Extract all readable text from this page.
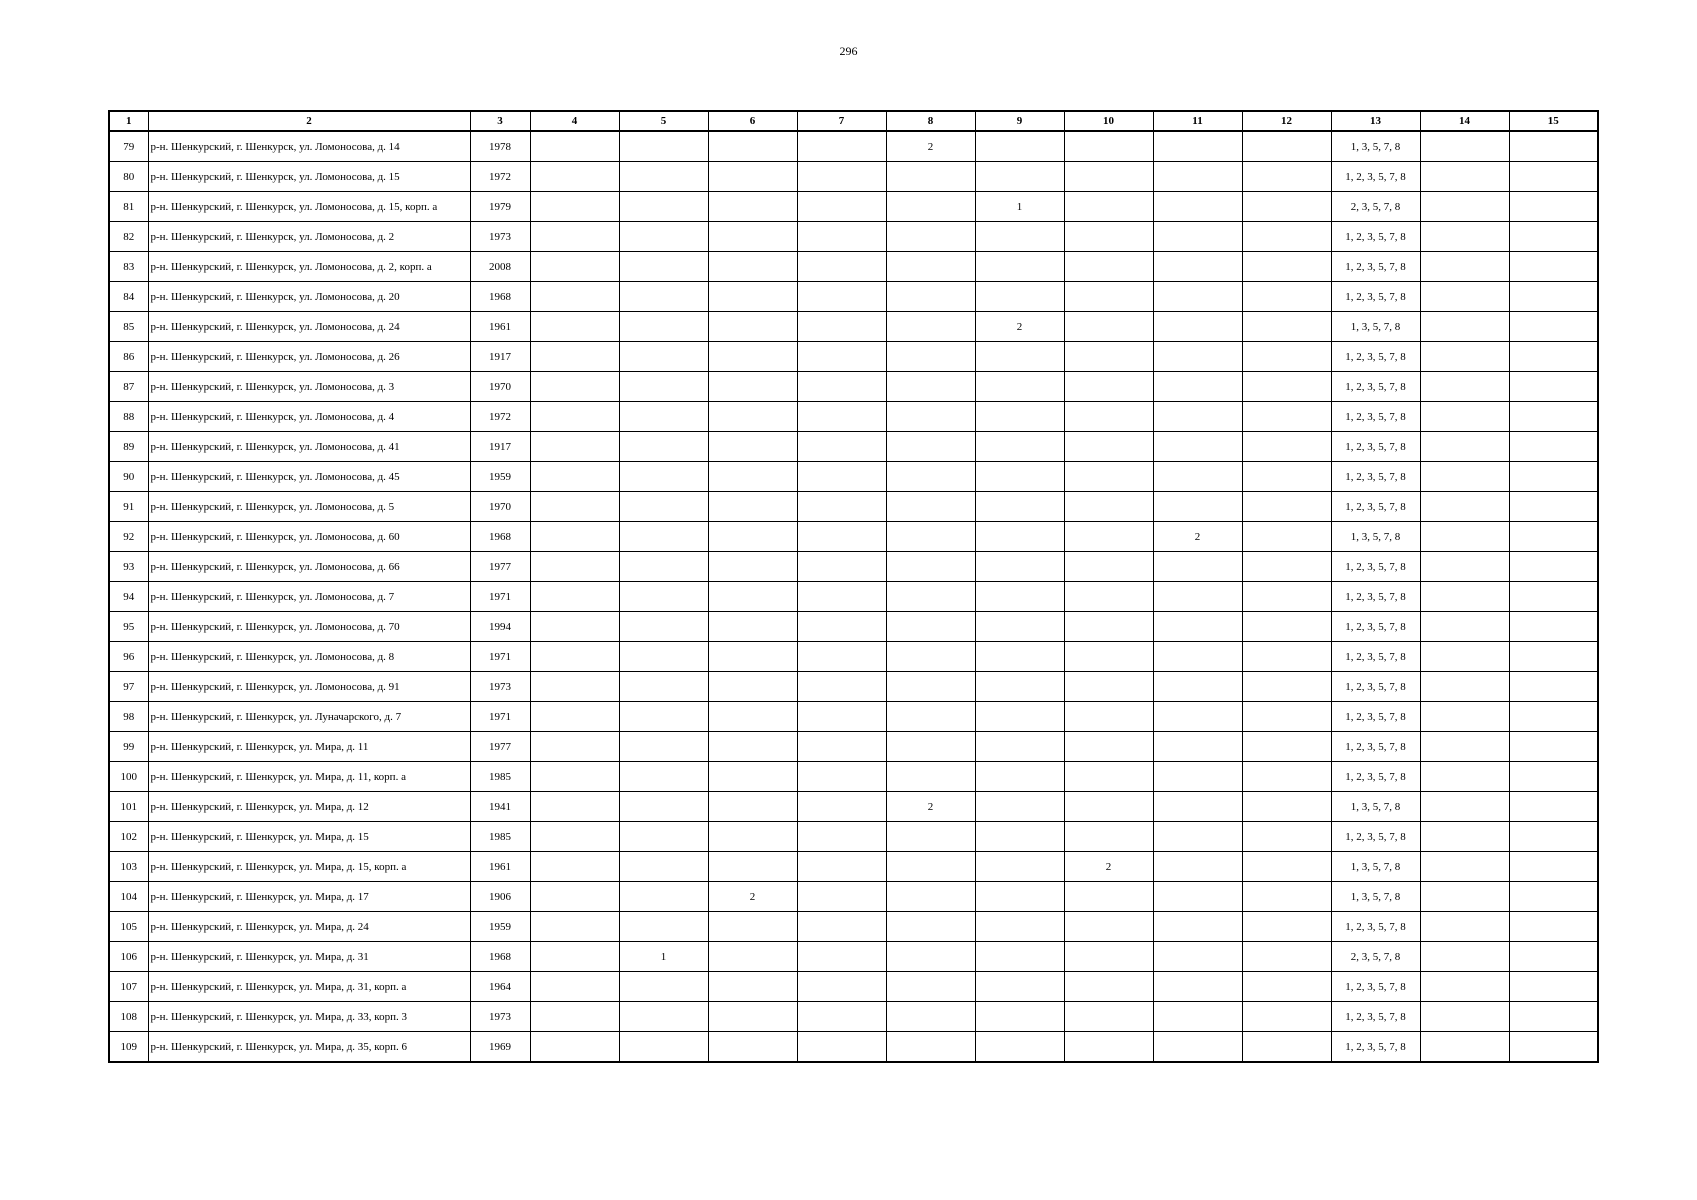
296
1	2	3	4	5	6	7	8	9	10	11	12	13	14	15
79	р-н. Шенкурский, г. Шенкурск, ул. Ломоносова, д. 14	1978					2					1, 3, 5, 7, 8		
80	р-н. Шенкурский, г. Шенкурск, ул. Ломоносова, д. 15	1972										1, 2, 3, 5, 7, 8		
81	р-н. Шенкурский, г. Шенкурск, ул. Ломоносова, д. 15, корп. а	1979						1				2, 3, 5, 7, 8		
82	р-н. Шенкурский, г. Шенкурск, ул. Ломоносова, д. 2	1973										1, 2, 3, 5, 7, 8		
83	р-н. Шенкурский, г. Шенкурск, ул. Ломоносова, д. 2, корп. а	2008										1, 2, 3, 5, 7, 8		
84	р-н. Шенкурский, г. Шенкурск, ул. Ломоносова, д. 20	1968										1, 2, 3, 5, 7, 8		
85	р-н. Шенкурский, г. Шенкурск, ул. Ломоносова, д. 24	1961						2				1, 3, 5, 7, 8		
86	р-н. Шенкурский, г. Шенкурск, ул. Ломоносова, д. 26	1917										1, 2, 3, 5, 7, 8		
87	р-н. Шенкурский, г. Шенкурск, ул. Ломоносова, д. 3	1970										1, 2, 3, 5, 7, 8		
88	р-н. Шенкурский, г. Шенкурск, ул. Ломоносова, д. 4	1972										1, 2, 3, 5, 7, 8		
89	р-н. Шенкурский, г. Шенкурск, ул. Ломоносова, д. 41	1917										1, 2, 3, 5, 7, 8		
90	р-н. Шенкурский, г. Шенкурск, ул. Ломоносова, д. 45	1959										1, 2, 3, 5, 7, 8		
91	р-н. Шенкурский, г. Шенкурск, ул. Ломоносова, д. 5	1970										1, 2, 3, 5, 7, 8		
92	р-н. Шенкурский, г. Шенкурск, ул. Ломоносова, д. 60	1968								2		1, 3, 5, 7, 8		
93	р-н. Шенкурский, г. Шенкурск, ул. Ломоносова, д. 66	1977										1, 2, 3, 5, 7, 8		
94	р-н. Шенкурский, г. Шенкурск, ул. Ломоносова, д. 7	1971										1, 2, 3, 5, 7, 8		
95	р-н. Шенкурский, г. Шенкурск, ул. Ломоносова, д. 70	1994										1, 2, 3, 5, 7, 8		
96	р-н. Шенкурский, г. Шенкурск, ул. Ломоносова, д. 8	1971										1, 2, 3, 5, 7, 8		
97	р-н. Шенкурский, г. Шенкурск, ул. Ломоносова, д. 91	1973										1, 2, 3, 5, 7, 8		
98	р-н. Шенкурский, г. Шенкурск, ул. Луначарского, д. 7	1971										1, 2, 3, 5, 7, 8		
99	р-н. Шенкурский, г. Шенкурск, ул. Мира, д. 11	1977										1, 2, 3, 5, 7, 8		
100	р-н. Шенкурский, г. Шенкурск, ул. Мира, д. 11, корп. а	1985										1, 2, 3, 5, 7, 8		
101	р-н. Шенкурский, г. Шенкурск, ул. Мира, д. 12	1941					2					1, 3, 5, 7, 8		
102	р-н. Шенкурский, г. Шенкурск, ул. Мира, д. 15	1985										1, 2, 3, 5, 7, 8		
103	р-н. Шенкурский, г. Шенкурск, ул. Мира, д. 15, корп. а	1961							2			1, 3, 5, 7, 8		
104	р-н. Шенкурский, г. Шенкурск, ул. Мира, д. 17	1906			2							1, 3, 5, 7, 8		
105	р-н. Шенкурский, г. Шенкурск, ул. Мира, д. 24	1959										1, 2, 3, 5, 7, 8		
106	р-н. Шенкурский, г. Шенкурск, ул. Мира, д. 31	1968		1								2, 3, 5, 7, 8		
107	р-н. Шенкурский, г. Шенкурск, ул. Мира, д. 31, корп. а	1964										1, 2, 3, 5, 7, 8		
108	р-н. Шенкурский, г. Шенкурск, ул. Мира, д. 33, корп. 3	1973										1, 2, 3, 5, 7, 8		
109	р-н. Шенкурский, г. Шенкурск, ул. Мира, д. 35, корп. 6	1969										1, 2, 3, 5, 7, 8		
